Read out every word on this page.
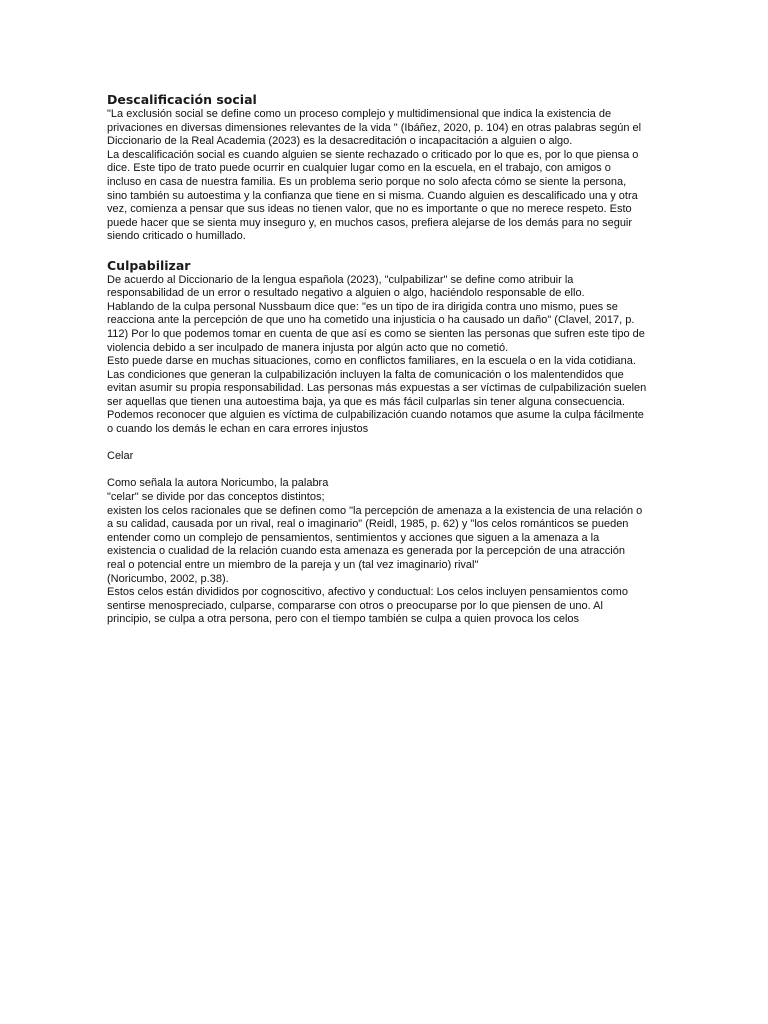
Descalificación social

"La exclusión social se define como un proceso complejo y multidimensional que indica la existencia de
privaciones en diversas dimensiones relevantes de la vida " (Ibáñez, 2020, p. 104) en otras palabras según el
Diccionario de la Real Academia (2023) es la desacreditación o incapacitación a alguien o algo.

La descalificación social es cuando alguien se siente rechazado o criticado por lo que es, por lo que piensa o
dice. Este tipo de trato puede ocurrir en cualquier lugar como en la escuela, en el trabajo, con amigos o
incluso en casa de nuestra familia. Es un problema serio porque no solo afecta cómo se siente la persona,
sino también su autoestima y la confianza que tiene en si misma. Cuando alguien es descalificado una y otra
vez, comienza a pensar que sus ideas no tienen valor, que no es importante o que no merece respeto. Esto
puede hacer que se sienta muy inseguro y, en muchos casos, prefiera alejarse de los demás para no seguir
siendo criticado o humillado.

Culpabilizar

De acuerdo al Diccionario de la lengua española (2023), "culpabilizar" se define como atribuir la
responsabilidad de un error o resultado negativo a alguien o algo, haciéndolo responsable de ello.

Hablando de la culpa personal Nussbaum dice que: "es un tipo de ira dirigida contra uno mismo, pues se
reacciona ante la percepción de que uno ha cometido una injusticia o ha causado un daño" (Clavel, 2017, p.
112) Por lo que podemos tomar en cuenta de que así es como se sienten las personas que sufren este tipo de
violencia debido a ser inculpado de manera injusta por algún acto que no cometió.

Esto puede darse en muchas situaciones, como en conflictos familiares, en la escuela o en la vida cotidiana.
Las condiciones que generan la culpabilización incluyen la falta de comunicación o los malentendidos que
evitan asumir su propia responsabilidad. Las personas más expuestas a ser víctimas de culpabilización suelen
ser aquellas que tienen una autoestima baja, ya que es más fácil culparlas sin tener alguna consecuencia.
Podemos reconocer que alguien es víctima de culpabilización cuando notamos que asume la culpa fácilmente
o cuando los demás le echan en cara errores injustos

Celar

Como señala la autora Noricumbo, la palabra
"celar" se divide por das conceptos distintos;
existen los celos racionales que se definen como "la percepción de amenaza a la existencia de una relación o
a su calidad, causada por un rival, real o imaginario" (Reidl, 1985, p. 62) y "los celos románticos se pueden
entender como un complejo de pensamientos, sentimientos y acciones que siguen a la amenaza a la
existencia o cualidad de la relación cuando esta amenaza es generada por la percepción de una atracción
real o potencial entre un miembro de la pareja y un (tal vez imaginario) rival"
(Noricumbo, 2002, p.38).

Estos celos están divididos por cognoscitivo, afectivo y conductual: Los celos incluyen pensamientos como
sentirse menospreciado, culparse, compararse con otros o preocuparse por lo que piensen de uno. Al
principio, se culpa a otra persona, pero con el tiempo también se culpa a quien provoca los celos
